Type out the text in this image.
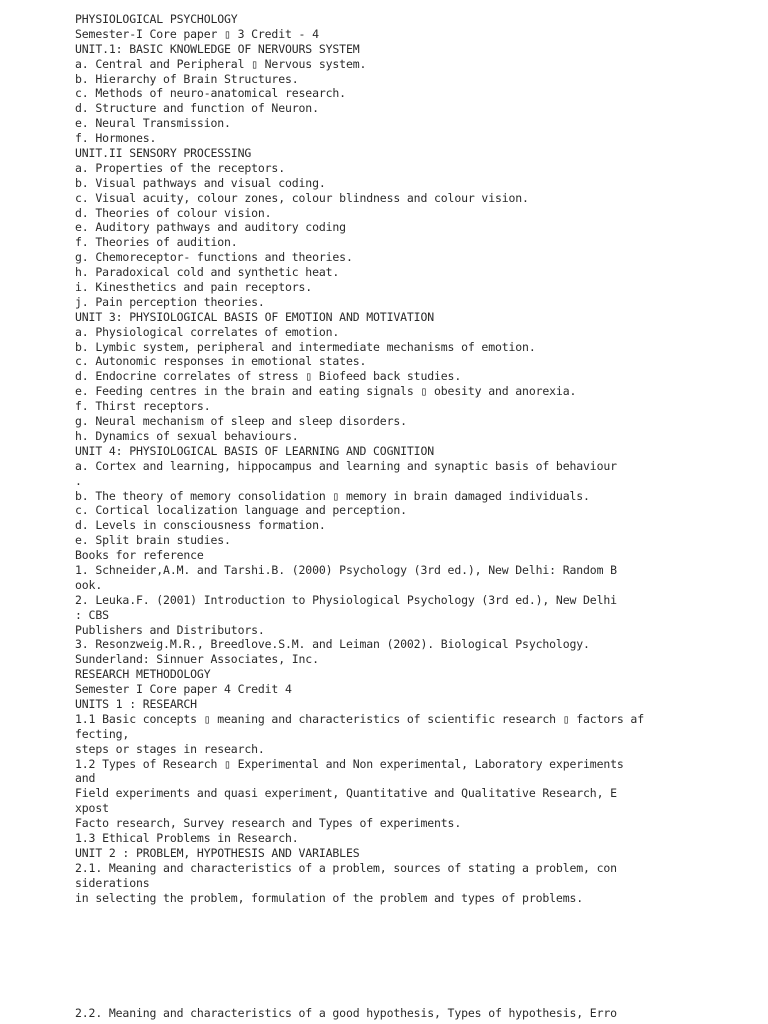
PHYSIOLOGICAL PSYCHOLOGY
Semester-I Core paper ▯ 3 Credit - 4
UNIT.1: BASIC KNOWLEDGE OF NERVOURS SYSTEM
a. Central and Peripheral ▯ Nervous system.
b. Hierarchy of Brain Structures.
c. Methods of neuro-anatomical research.
d. Structure and function of Neuron.
e. Neural Transmission.
f. Hormones.
UNIT.II SENSORY PROCESSING
a. Properties of the receptors.
b. Visual pathways and visual coding.
c. Visual acuity, colour zones, colour blindness and colour vision.
d. Theories of colour vision.
e. Auditory pathways and auditory coding
f. Theories of audition.
g. Chemoreceptor- functions and theories.
h. Paradoxical cold and synthetic heat.
i. Kinesthetics and pain receptors.
j. Pain perception theories.
UNIT 3: PHYSIOLOGICAL BASIS OF EMOTION AND MOTIVATION
a. Physiological correlates of emotion.
b. Lymbic system, peripheral and intermediate mechanisms of emotion.
c. Autonomic responses in emotional states.
d. Endocrine correlates of stress ▯ Biofeed back studies.
e. Feeding centres in the brain and eating signals ▯ obesity and anorexia.
f. Thirst receptors.
g. Neural mechanism of sleep and sleep disorders.
h. Dynamics of sexual behaviours.
UNIT 4: PHYSIOLOGICAL BASIS OF LEARNING AND COGNITION
a. Cortex and learning, hippocampus and learning and synaptic basis of behaviour
.
b. The theory of memory consolidation ▯ memory in brain damaged individuals.
c. Cortical localization language and perception.
d. Levels in consciousness formation.
e. Split brain studies.
Books for reference
1. Schneider,A.M. and Tarshi.B. (2000) Psychology (3rd ed.), New Delhi: Random B
ook.
2. Leuka.F. (2001) Introduction to Physiological Psychology (3rd ed.), New Delhi
: CBS
Publishers and Distributors.
3. Resonzweig.M.R., Breedlove.S.M. and Leiman (2002). Biological Psychology.
Sunderland: Sinnuer Associates, Inc.
RESEARCH METHODOLOGY
Semester I Core paper 4 Credit 4
UNITS 1 : RESEARCH
1.1 Basic concepts ▯ meaning and characteristics of scientific research ▯ factors af
fecting,
steps or stages in research.
1.2 Types of Research ▯ Experimental and Non experimental, Laboratory experiments
and
Field experiments and quasi experiment, Quantitative and Qualitative Research, E
xpost
Facto research, Survey research and Types of experiments.
1.3 Ethical Problems in Research.
UNIT 2 : PROBLEM, HYPOTHESIS AND VARIABLES
2.1. Meaning and characteristics of a problem, sources of stating a problem, con
siderations
in selecting the problem, formulation of the problem and types of problems.
2.2. Meaning and characteristics of a good hypothesis, Types of hypothesis, Erro
